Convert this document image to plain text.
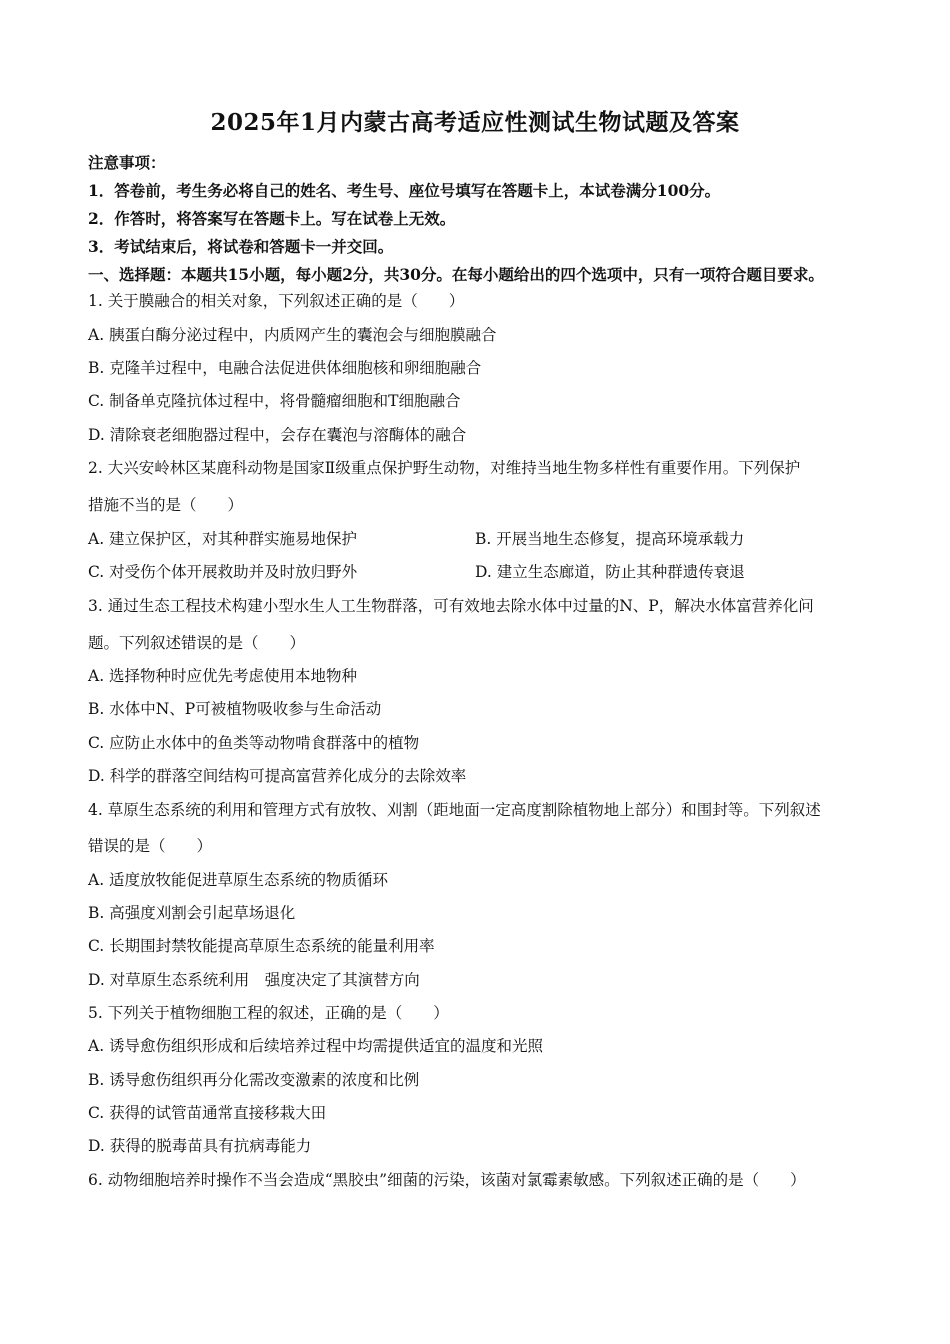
2025年1月内蒙古高考适应性测试生物试题及答案
注意事项：
1．答卷前，考生务必将自己的姓名、考生号、座位号填写在答题卡上，本试卷满分100分。
2．作答时，将答案写在答题卡上。写在试卷上无效。
3．考试结束后，将试卷和答题卡一并交回。
一、选择题：本题共15小题，每小题2分，共30分。在每小题给出的四个选项中，只有一项符合题目要求。
1. 关于膜融合的相关对象，下列叙述正确的是（　　）
A. 胰蛋白酶分泌过程中，内质网产生的囊泡会与细胞膜融合
B. 克隆羊过程中，电融合法促进供体细胞核和卵细胞融合
C. 制备单克隆抗体过程中，将骨髓瘤细胞和T细胞融合
D. 清除衰老细胞器过程中，会存在囊泡与溶酶体的融合
2. 大兴安岭林区某鹿科动物是国家Ⅱ级重点保护野生动物，对维持当地生物多样性有重要作用。下列保护
措施不当的是（　　）
A. 建立保护区，对其种群实施易地保护	B. 开展当地生态修复，提高环境承载力
C. 对受伤个体开展救助并及时放归野外	D. 建立生态廊道，防止其种群遗传衰退
3. 通过生态工程技术构建小型水生人工生物群落，可有效地去除水体中过量的N、P，解决水体富营养化问
题。下列叙述错误的是（　　）
A. 选择物种时应优先考虑使用本地物种
B. 水体中N、P可被植物吸收参与生命活动
C. 应防止水体中的鱼类等动物啃食群落中的植物
D. 科学的群落空间结构可提高富营养化成分的去除效率
4. 草原生态系统的利用和管理方式有放牧、刈割（距地面一定高度割除植物地上部分）和围封等。下列叙述
错误的是（　　）
A. 适度放牧能促进草原生态系统的物质循环
B. 高强度刈割会引起草场退化
C. 长期围封禁牧能提高草原生态系统的能量利用率
D. 对草原生态系统利用　强度决定了其演替方向
5. 下列关于植物细胞工程的叙述，正确的是（　　）
A. 诱导愈伤组织形成和后续培养过程中均需提供适宜的温度和光照
B. 诱导愈伤组织再分化需改变激素的浓度和比例
C. 获得的试管苗通常直接移栽大田
D. 获得的脱毒苗具有抗病毒能力
6. 动物细胞培养时操作不当会造成“黑胶虫”细菌的污染，该菌对氯霉素敏感。下列叙述正确的是（　　）
